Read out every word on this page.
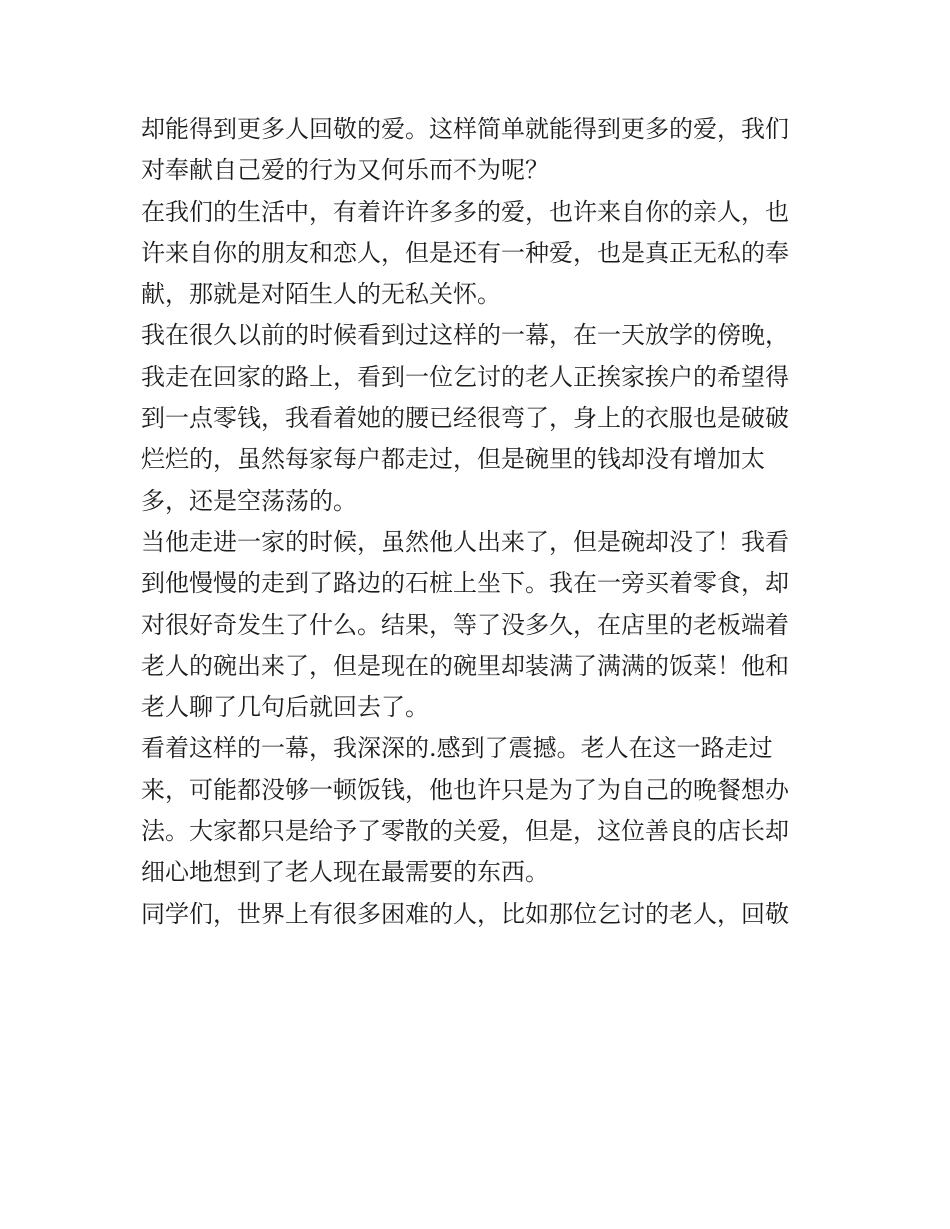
却能得到更多人回敬的爱。这样简单就能得到更多的爱，我们
对奉献自己爱的行为又何乐而不为呢？
在我们的生活中，有着许许多多的爱，也许来自你的亲人，也
许来自你的朋友和恋人，但是还有一种爱，也是真正无私的奉
献，那就是对陌生人的无私关怀。
我在很久以前的时候看到过这样的一幕，在一天放学的傍晚，
我走在回家的路上，看到一位乞讨的老人正挨家挨户的希望得
到一点零钱，我看着她的腰已经很弯了，身上的衣服也是破破
烂烂的，虽然每家每户都走过，但是碗里的钱却没有增加太
多，还是空荡荡的。
当他走进一家的时候，虽然他人出来了，但是碗却没了！我看
到他慢慢的走到了路边的石桩上坐下。我在一旁买着零食，却
对很好奇发生了什么。结果，等了没多久，在店里的老板端着
老人的碗出来了，但是现在的碗里却装满了满满的饭菜！他和
老人聊了几句后就回去了。
看着这样的一幕，我深深的.感到了震撼。老人在这一路走过
来，可能都没够一顿饭钱，他也许只是为了为自己的晚餐想办
法。大家都只是给予了零散的关爱，但是，这位善良的店长却
细心地想到了老人现在最需要的东西。
同学们，世界上有很多困难的人，比如那位乞讨的老人，回敬
